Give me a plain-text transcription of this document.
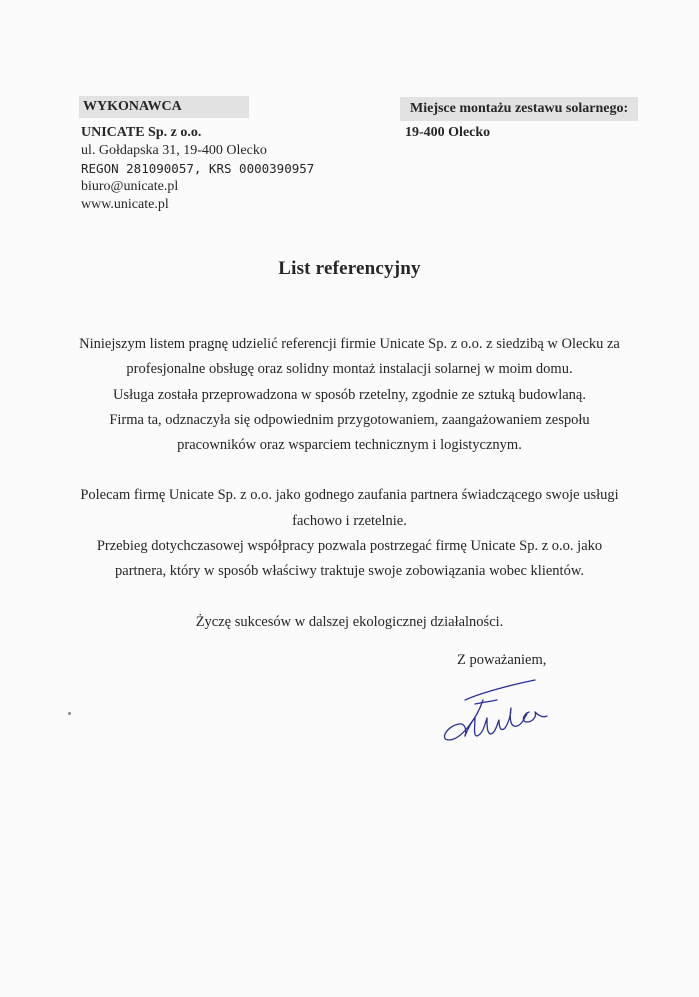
WYKONAWCA
UNICATE Sp. z o.o.
ul. Gołdapska 31, 19-400 Olecko
REGON 281090057, KRS 0000390957
biuro@unicate.pl
www.unicate.pl
Miejsce montażu zestawu solarnego:
19-400 Olecko
List referencyjny
Niniejszym listem pragnę udzielić referencji firmie Unicate Sp. z o.o. z siedzibą w Olecku za
profesjonalne obsługę oraz solidny montaż instalacji solarnej w moim domu.
Usługa została przeprowadzona w sposób rzetelny, zgodnie ze sztuką budowlaną.
Firma ta, odznaczyła się odpowiednim przygotowaniem, zaangażowaniem zespołu
pracowników oraz wsparciem technicznym i logistycznym.
Polecam firmę Unicate Sp. z o.o. jako godnego zaufania partnera świadczącego swoje usługi
fachowo i rzetelnie.
Przebieg dotychczasowej współpracy pozwala postrzegać firmę Unicate Sp. z o.o. jako
partnera, który w sposób właściwy traktuje swoje zobowiązania wobec klientów.
Życzę sukcesów w dalszej ekologicznej działalności.
Z poważaniem,
